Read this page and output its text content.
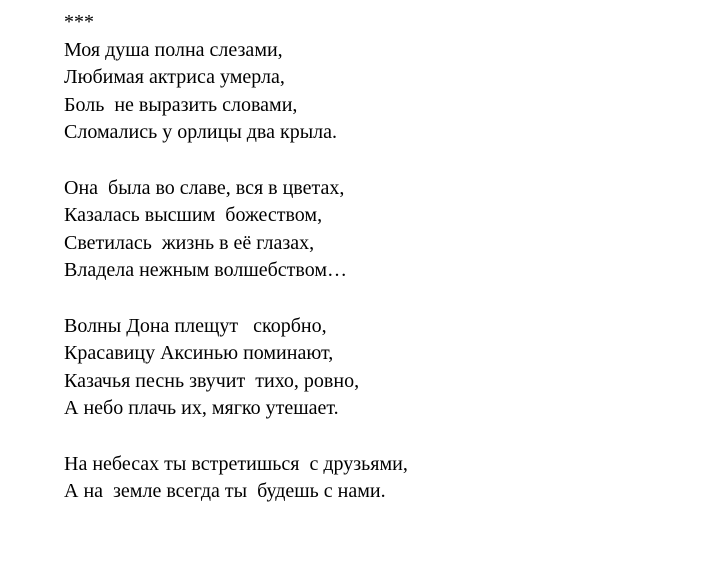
***
Моя душа полна слезами,
Любимая актриса умерла,
Боль  не выразить словами,
Сломались у орлицы два крыла.
Она  была во славе, вся в цветах,
Казалась высшим  божеством,
Светилась  жизнь в её глазах,
Владела нежным волшебством…
Волны Дона плещут   скорбно,
Красавицу Аксинью поминают,
Казачья песнь звучит  тихо, ровно,
А небо плачь их, мягко утешает.
На небесах ты встретишься  с друзьями,
А на  земле всегда ты  будешь с нами.
